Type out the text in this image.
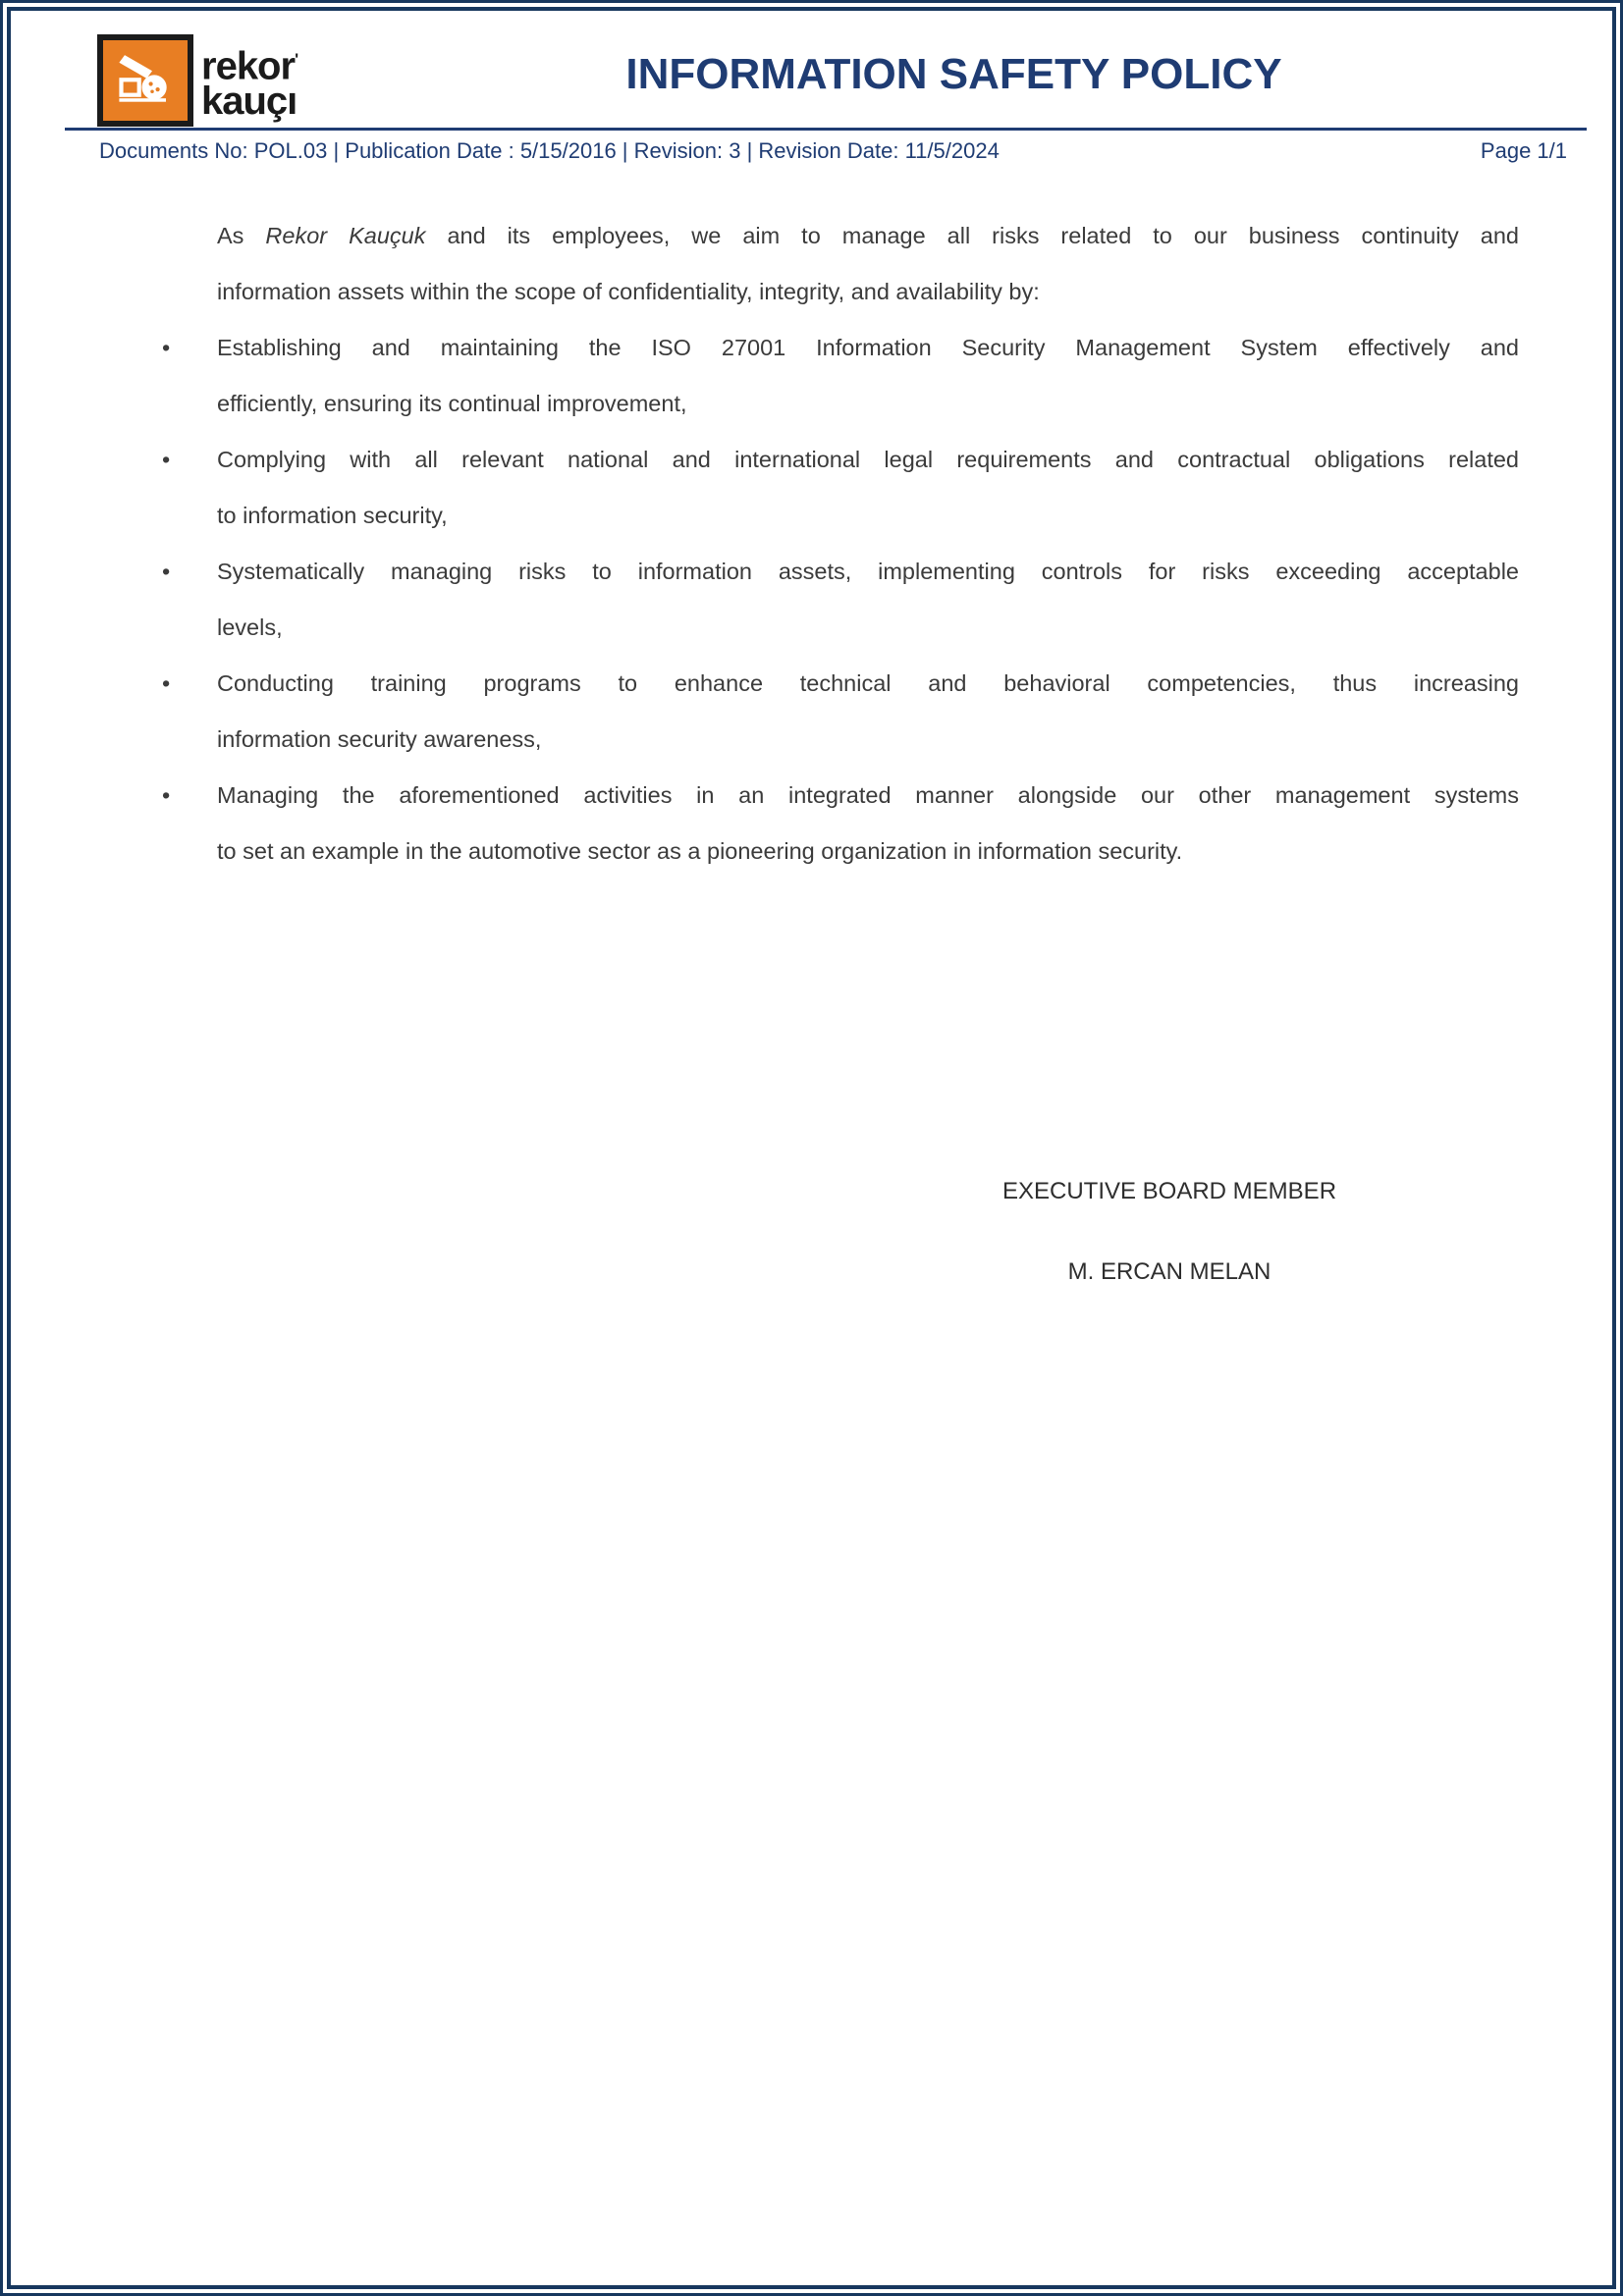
rekor'
kauçı
INFORMATION SAFETY POLICY
Documents No: POL.03 | Publication Date : 5/15/2016 | Revision: 3 | Revision Date: 11/5/2024	Page 1/1
As Rekor Kauçuk and its employees, we aim to manage all risks related to our business continuity and
information assets within the scope of confidentiality, integrity, and availability by:
•	Establishing and maintaining the ISO 27001 Information Security Management System effectively and
efficiently, ensuring its continual improvement,
•	Complying with all relevant national and international legal requirements and contractual obligations related
to information security,
•	Systematically managing risks to information assets, implementing controls for risks exceeding acceptable
levels,
•	Conducting training programs to enhance technical and behavioral competencies, thus increasing
information security awareness,
•	Managing the aforementioned activities in an integrated manner alongside our other management systems
to set an example in the automotive sector as a pioneering organization in information security.
EXECUTIVE BOARD MEMBER
M. ERCAN MELAN
